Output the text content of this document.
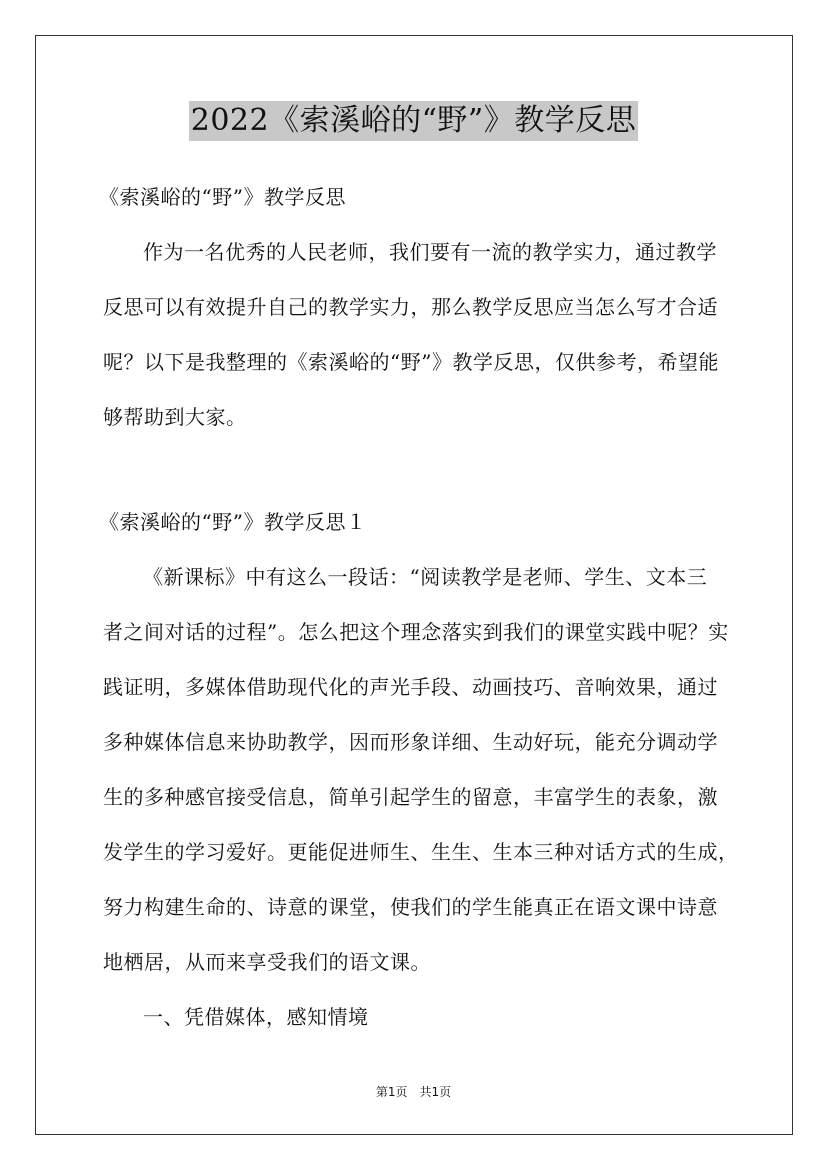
2022《索溪峪的“野”》教学反思
《索溪峪的“野”》教学反思
作为一名优秀的人民老师，我们要有一流的教学实力，通过教学
反思可以有效提升自己的教学实力，那么教学反思应当怎么写才合适
呢？以下是我整理的《索溪峪的“野”》教学反思，仅供参考，希望能
够帮助到大家。
《索溪峪的“野”》教学反思１
《新课标》中有这么一段话：“阅读教学是老师、学生、文本三
者之间对话的过程”。怎么把这个理念落实到我们的课堂实践中呢？实
践证明，多媒体借助现代化的声光手段、动画技巧、音响效果，通过
多种媒体信息来协助教学，因而形象详细、生动好玩，能充分调动学
生的多种感官接受信息，简单引起学生的留意，丰富学生的表象，激
发学生的学习爱好。更能促进师生、生生、生本三种对话方式的生成，
努力构建生命的、诗意的课堂，使我们的学生能真正在语文课中诗意
地栖居，从而来享受我们的语文课。
一、凭借媒体，感知情境
第1页　共1页
